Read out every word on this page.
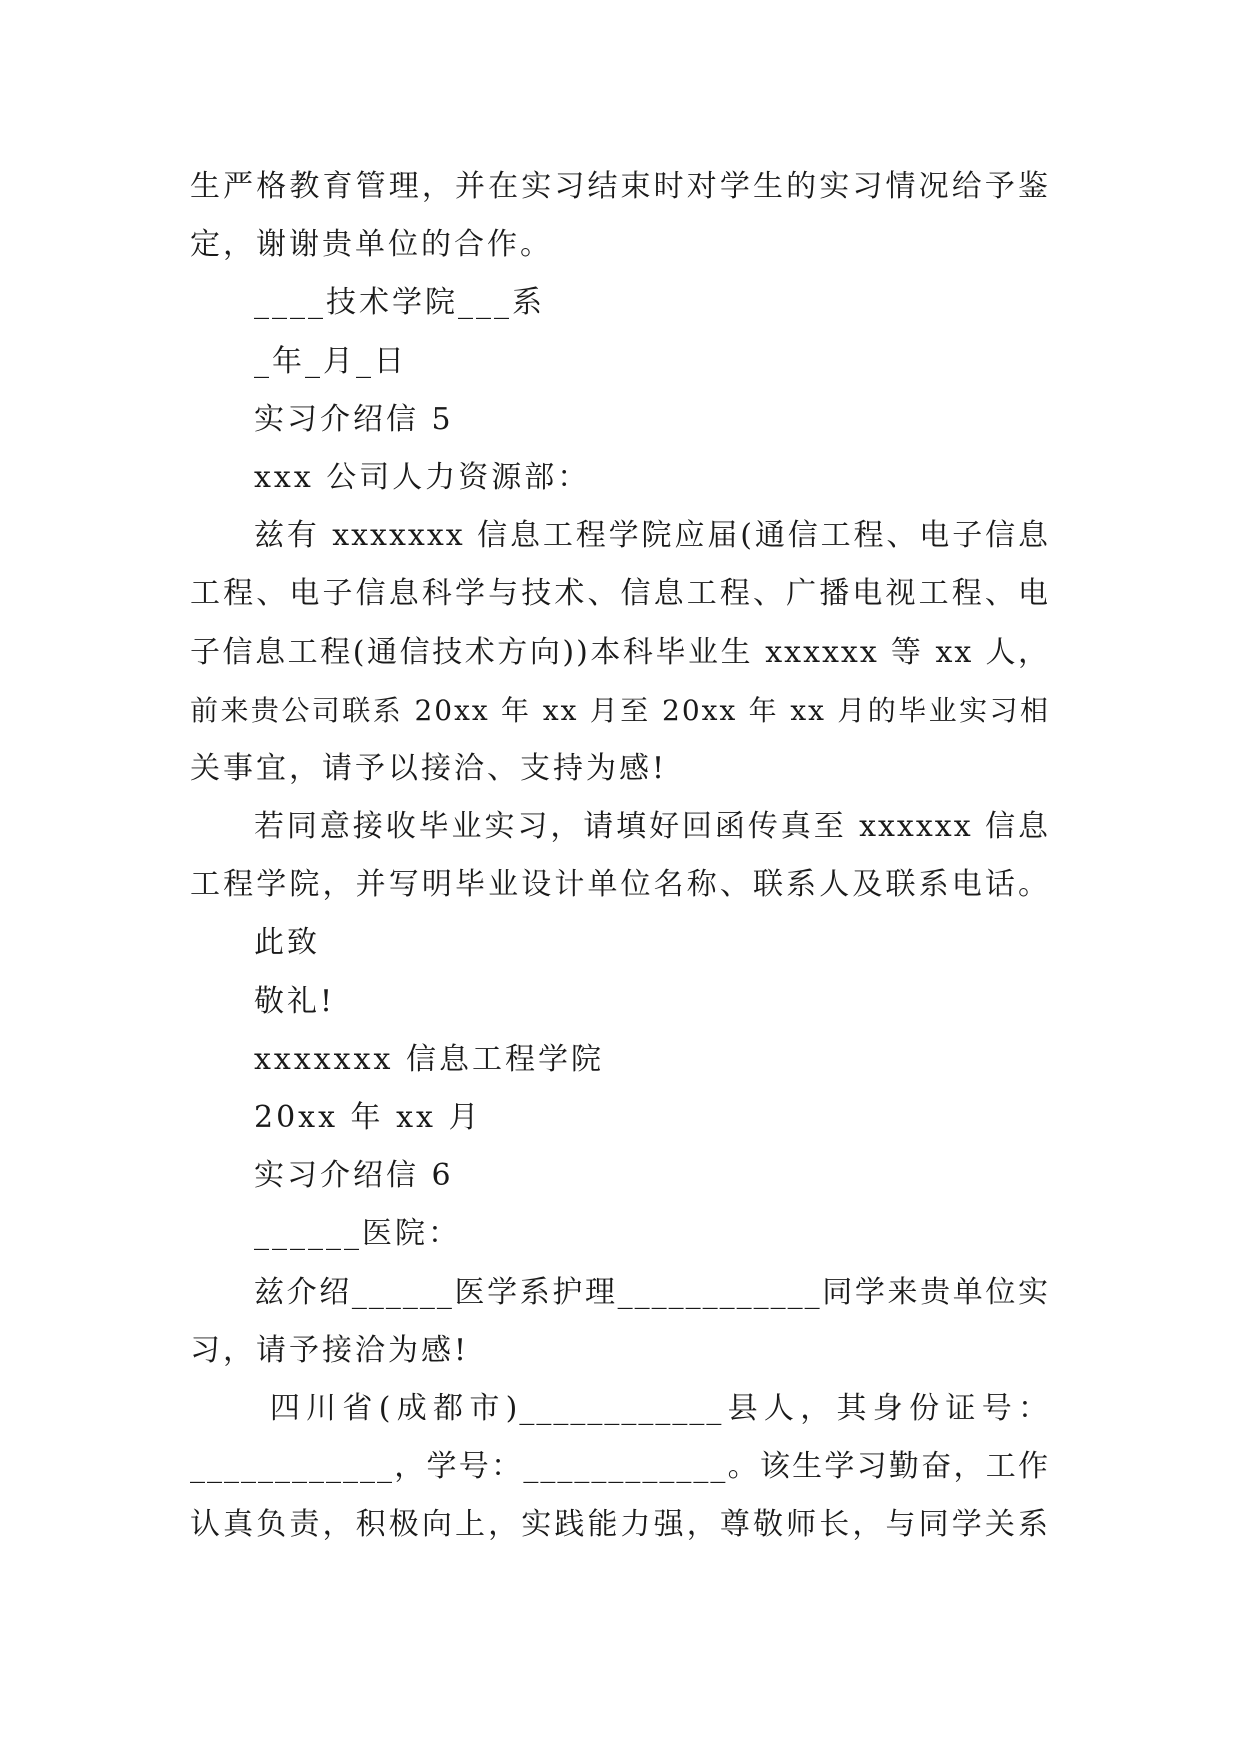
生严格教育管理，并在实习结束时对学生的实习情况给予鉴
定，谢谢贵单位的合作。
____技术学院___系
_年_月_日
实习介绍信 5
xxx 公司人力资源部：
兹有 xxxxxxx 信息工程学院应届(通信工程、电子信息
工程、电子信息科学与技术、信息工程、广播电视工程、电
子信息工程(通信技术方向))本科毕业生 xxxxxx 等 xx 人，
前来贵公司联系 20xx 年 xx 月至 20xx 年 xx 月的毕业实习相
关事宜，请予以接洽、支持为感!
若同意接收毕业实习，请填好回函传真至 xxxxxx 信息
工程学院，并写明毕业设计单位名称、联系人及联系电话。
此致
敬礼!
xxxxxxx 信息工程学院
20xx 年 xx 月
实习介绍信 6
______医院：
兹介绍______医学系护理____________同学来贵单位实
习，请予接洽为感!
四川省(成都市)____________县人，其身份证号：
____________，学号：____________。该生学习勤奋，工作
认真负责，积极向上，实践能力强，尊敬师长，与同学关系
